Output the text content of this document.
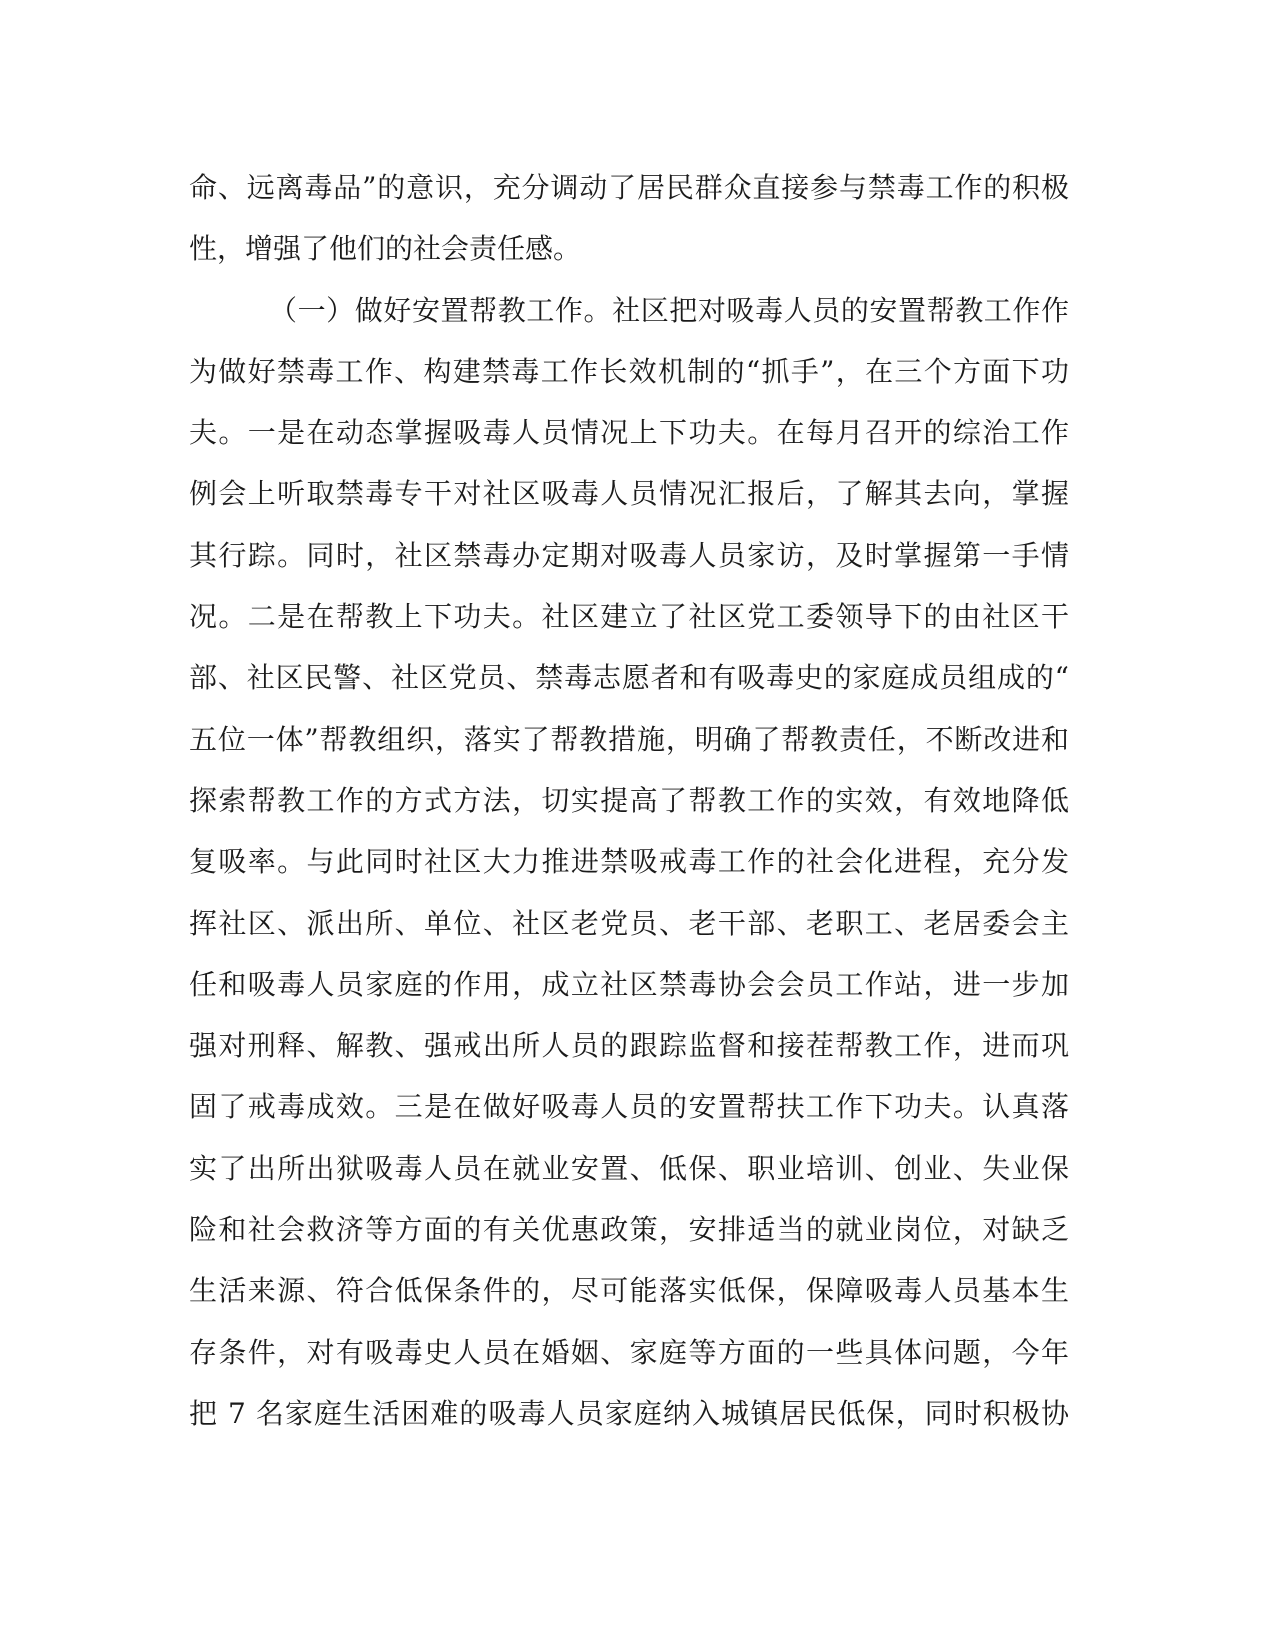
命、远离毒品”的意识，充分调动了居民群众直接参与禁毒工作的积极
性，增强了他们的社会责任感。
（一）做好安置帮教工作。社区把对吸毒人员的安置帮教工作作
为做好禁毒工作、构建禁毒工作长效机制的“抓手”，在三个方面下功
夫。一是在动态掌握吸毒人员情况上下功夫。在每月召开的综治工作
例会上听取禁毒专干对社区吸毒人员情况汇报后，了解其去向，掌握
其行踪。同时，社区禁毒办定期对吸毒人员家访，及时掌握第一手情
况。二是在帮教上下功夫。社区建立了社区党工委领导下的由社区干
部、社区民警、社区党员、禁毒志愿者和有吸毒史的家庭成员组成的“
五位一体”帮教组织，落实了帮教措施，明确了帮教责任，不断改进和
探索帮教工作的方式方法，切实提高了帮教工作的实效，有效地降低
复吸率。与此同时社区大力推进禁吸戒毒工作的社会化进程，充分发
挥社区、派出所、单位、社区老党员、老干部、老职工、老居委会主
任和吸毒人员家庭的作用，成立社区禁毒协会会员工作站，进一步加
强对刑释、解教、强戒出所人员的跟踪监督和接茬帮教工作，进而巩
固了戒毒成效。三是在做好吸毒人员的安置帮扶工作下功夫。认真落
实了出所出狱吸毒人员在就业安置、低保、职业培训、创业、失业保
险和社会救济等方面的有关优惠政策，安排适当的就业岗位，对缺乏
生活来源、符合低保条件的，尽可能落实低保，保障吸毒人员基本生
存条件，对有吸毒史人员在婚姻、家庭等方面的一些具体问题，今年
把 7 名家庭生活困难的吸毒人员家庭纳入城镇居民低保，同时积极协
